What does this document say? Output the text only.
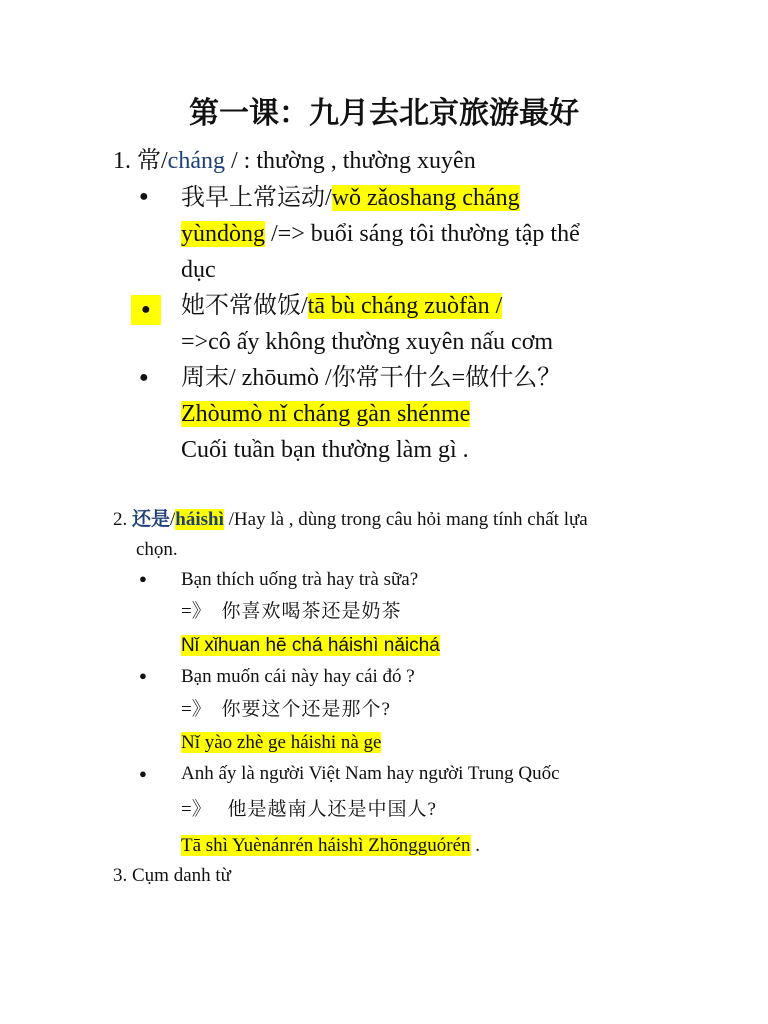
第一课：九月去北京旅游最好
1. 常/cháng / : thường , thường xuyên
● 我早上常运动/wǒ zǎoshang cháng
yùndòng /=> buổi sáng tôi thường tập thể
dục
●	她不常做饭/tā bù cháng zuòfàn /
=>cô ấy không thường xuyên nấu cơm
● 周末/ zhōumò /你常干什么=做什么？
Zhòumò nǐ cháng gàn shénme
Cuối tuần bạn thường làm gì .
2. 还是/háishì /Hay là , dùng trong câu hỏi mang tính chất lựa
chọn.
● Bạn thích uống trà hay trà sữa?
=》 你喜欢喝茶还是奶茶
Nǐ xǐhuan hē chá háishì nǎichá
● Bạn muốn cái này hay cái đó ?
=》 你要这个还是那个?
Nǐ yào zhè ge háishi nà ge
● Anh ấy là người Việt Nam hay người Trung Quốc
=》 他是越南人还是中国人?
Tā shì Yuènánrén háishì Zhōngguórén .
3. Cụm danh từ
